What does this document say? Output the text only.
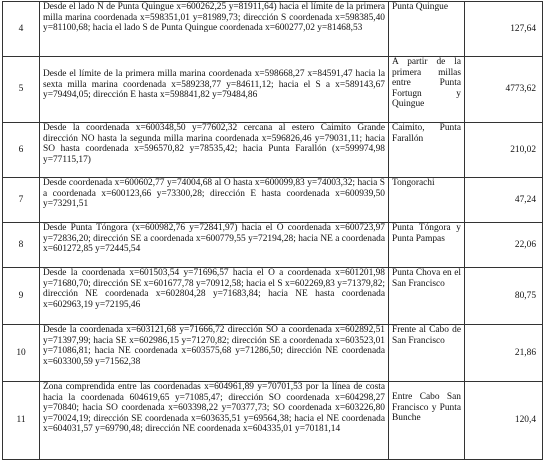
4	Desde el lado N de Punta Quingue x=600262,25 y=81911,64) hacia el límite de la primera milla marina coordenada x=598351,01 y=81989,73; dirección S coordenada x=598385,40 y=81100,68; hacia el lado S de Punta Quingue coordenada x=600277,02 y=81468,53	Punta Quingue	127,64
5	Desde el límite de la primera milla marina coordenada x=598668,27 x=84591,47 hacia la sexta milla marina coordenada x=589238,77 y=84611,12; hacia el S a x=589143,67 y=79494,05; dirección E hasta x=598841,82 y=79484,86	A partir de la primera millas entre Punta Fortugn y Quingue	4773,62
6	Desde la coordenada x=600348,50 y=77602,32 cercana al estero Caimito Grande dirección NO hasta la segunda milla marina coordenada x=596826,46 y=79031,11; hacia SO hasta coordenada x=596570,82 y=78535,42; hacia Punta Farallón (x=599974,98 y=77115,17)	Caimito, Punta Farallón	210,02
7	Desde coordenada x=600602,77 y=74004,68 al O hasta x=600099,83 y=74003,32; hacia S a coordenada x=600123,66 y=73300,28; dirección E hasta coordenada x=600939,50 y=73291,51	Tongorachi	47,24
8	Desde Punta Tóngora (x=600982,76 y=72841,97) hacia el O coordenada x=600723,97 y=72836,20; dirección SE a coordenada x=600779,55 y=72194,28; hacia NE a coordenada x=601272,85 y=72445,54	Punta Tóngora y Punta Pampas	22,06
9	Desde la coordenada x=601503,54 y=71696,57 hacia el O a coordenada x=601201,98 y=71680,70; dirección SE x=601677,78 y=70912,58; hacia el S x=602269,83 y=71379,82; dirección NE coordenada x=602804,28 y=71683,84; hacia NE hasta coordenada x=602963,19 y=72195,46	Punta Chova en el San Francisco	80,75
10	Desde la coordenada x=603121,68 y=71666,72 dirección SO a coordenada x=602892,51 y=71397,99; hacia SE x=602986,15 y=71270,82; dirección SE a coordenada x=603523,01 y=71086,81; hacia NE coordenada x=603575,68 y=71286,50; dirección NE coordenada x=603300,59 y=71562,38	Frente al Cabo de San Francisco	21,86
11	Zona comprendida entre las coordenadas x=604961,89 y=70701,53 por la línea de costa hacia la coordenada 604619,65 y=71085,47; dirección SO coordenada x=604298,27 y=70840; hacia SO coordenada x=603398,22 y=70377,73; SO coordenada x=603226,80 y=70024,19; dirección SE coordenada x=603635,51 y=69564,38; hacia el NE coordenada x=604031,57 y=69790,48; dirección NE coordenada x=604335,01 y=70181,14	Entre Cabo San Francisco y Punta Bunche	120,4
